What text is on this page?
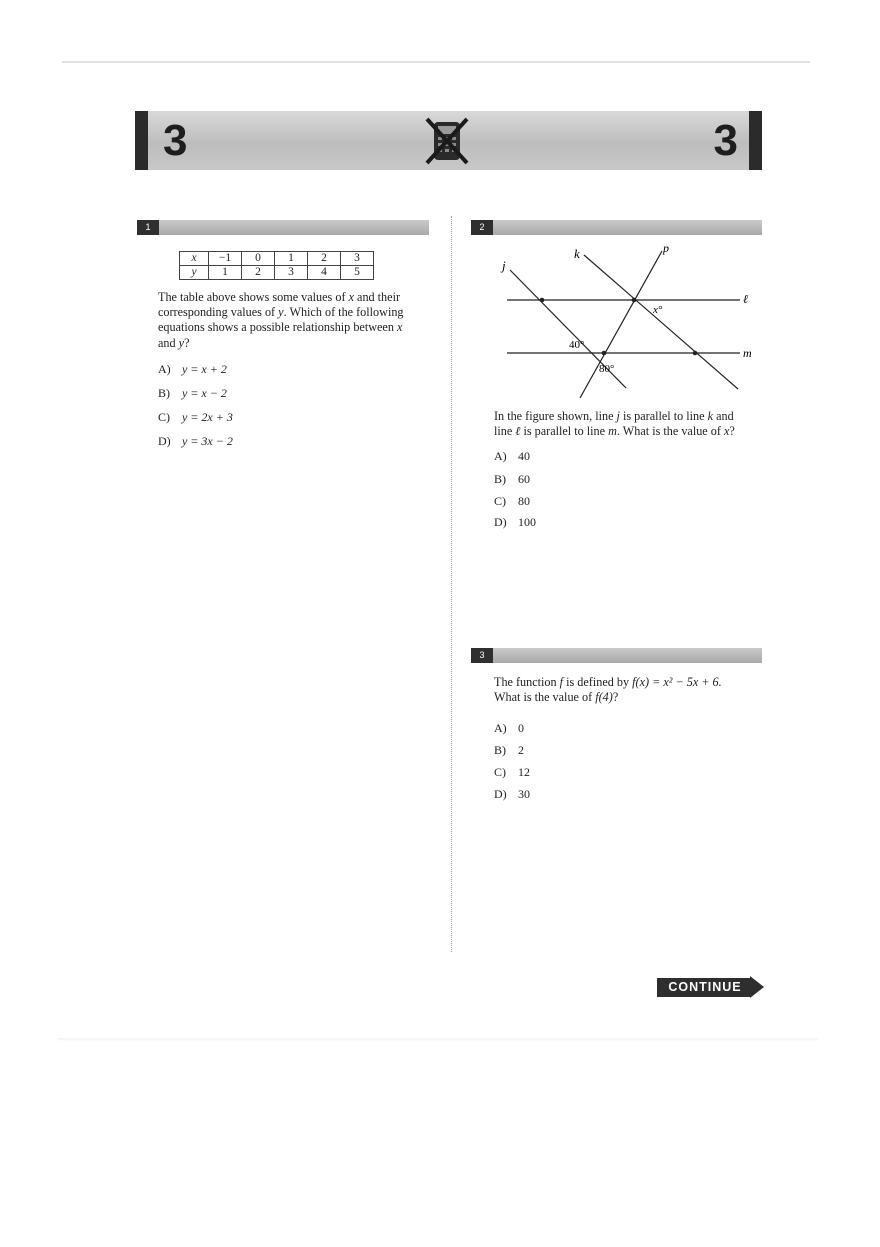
3	3
1
x	−1	0	1	2	3
y	1	2	3	4	5
The table above shows some values of x and their
corresponding values of y. Which of the following
equations shows a possible relationship between x
and y?
A) y = x + 2
B) y = x − 2
C) y = 2x + 3
D) y = 3x − 2
2
j
k	p
ℓ
m
x°
40°
80°
In the figure shown, line j is parallel to line k and
line ℓ is parallel to line m. What is the value of x?
A) 40
B) 60
C) 80
D) 100
3
The function f is defined by f(x) = x² − 5x + 6.
What is the value of f(4)?
A) 0
B) 2
C) 12
D) 30
CONTINUE
